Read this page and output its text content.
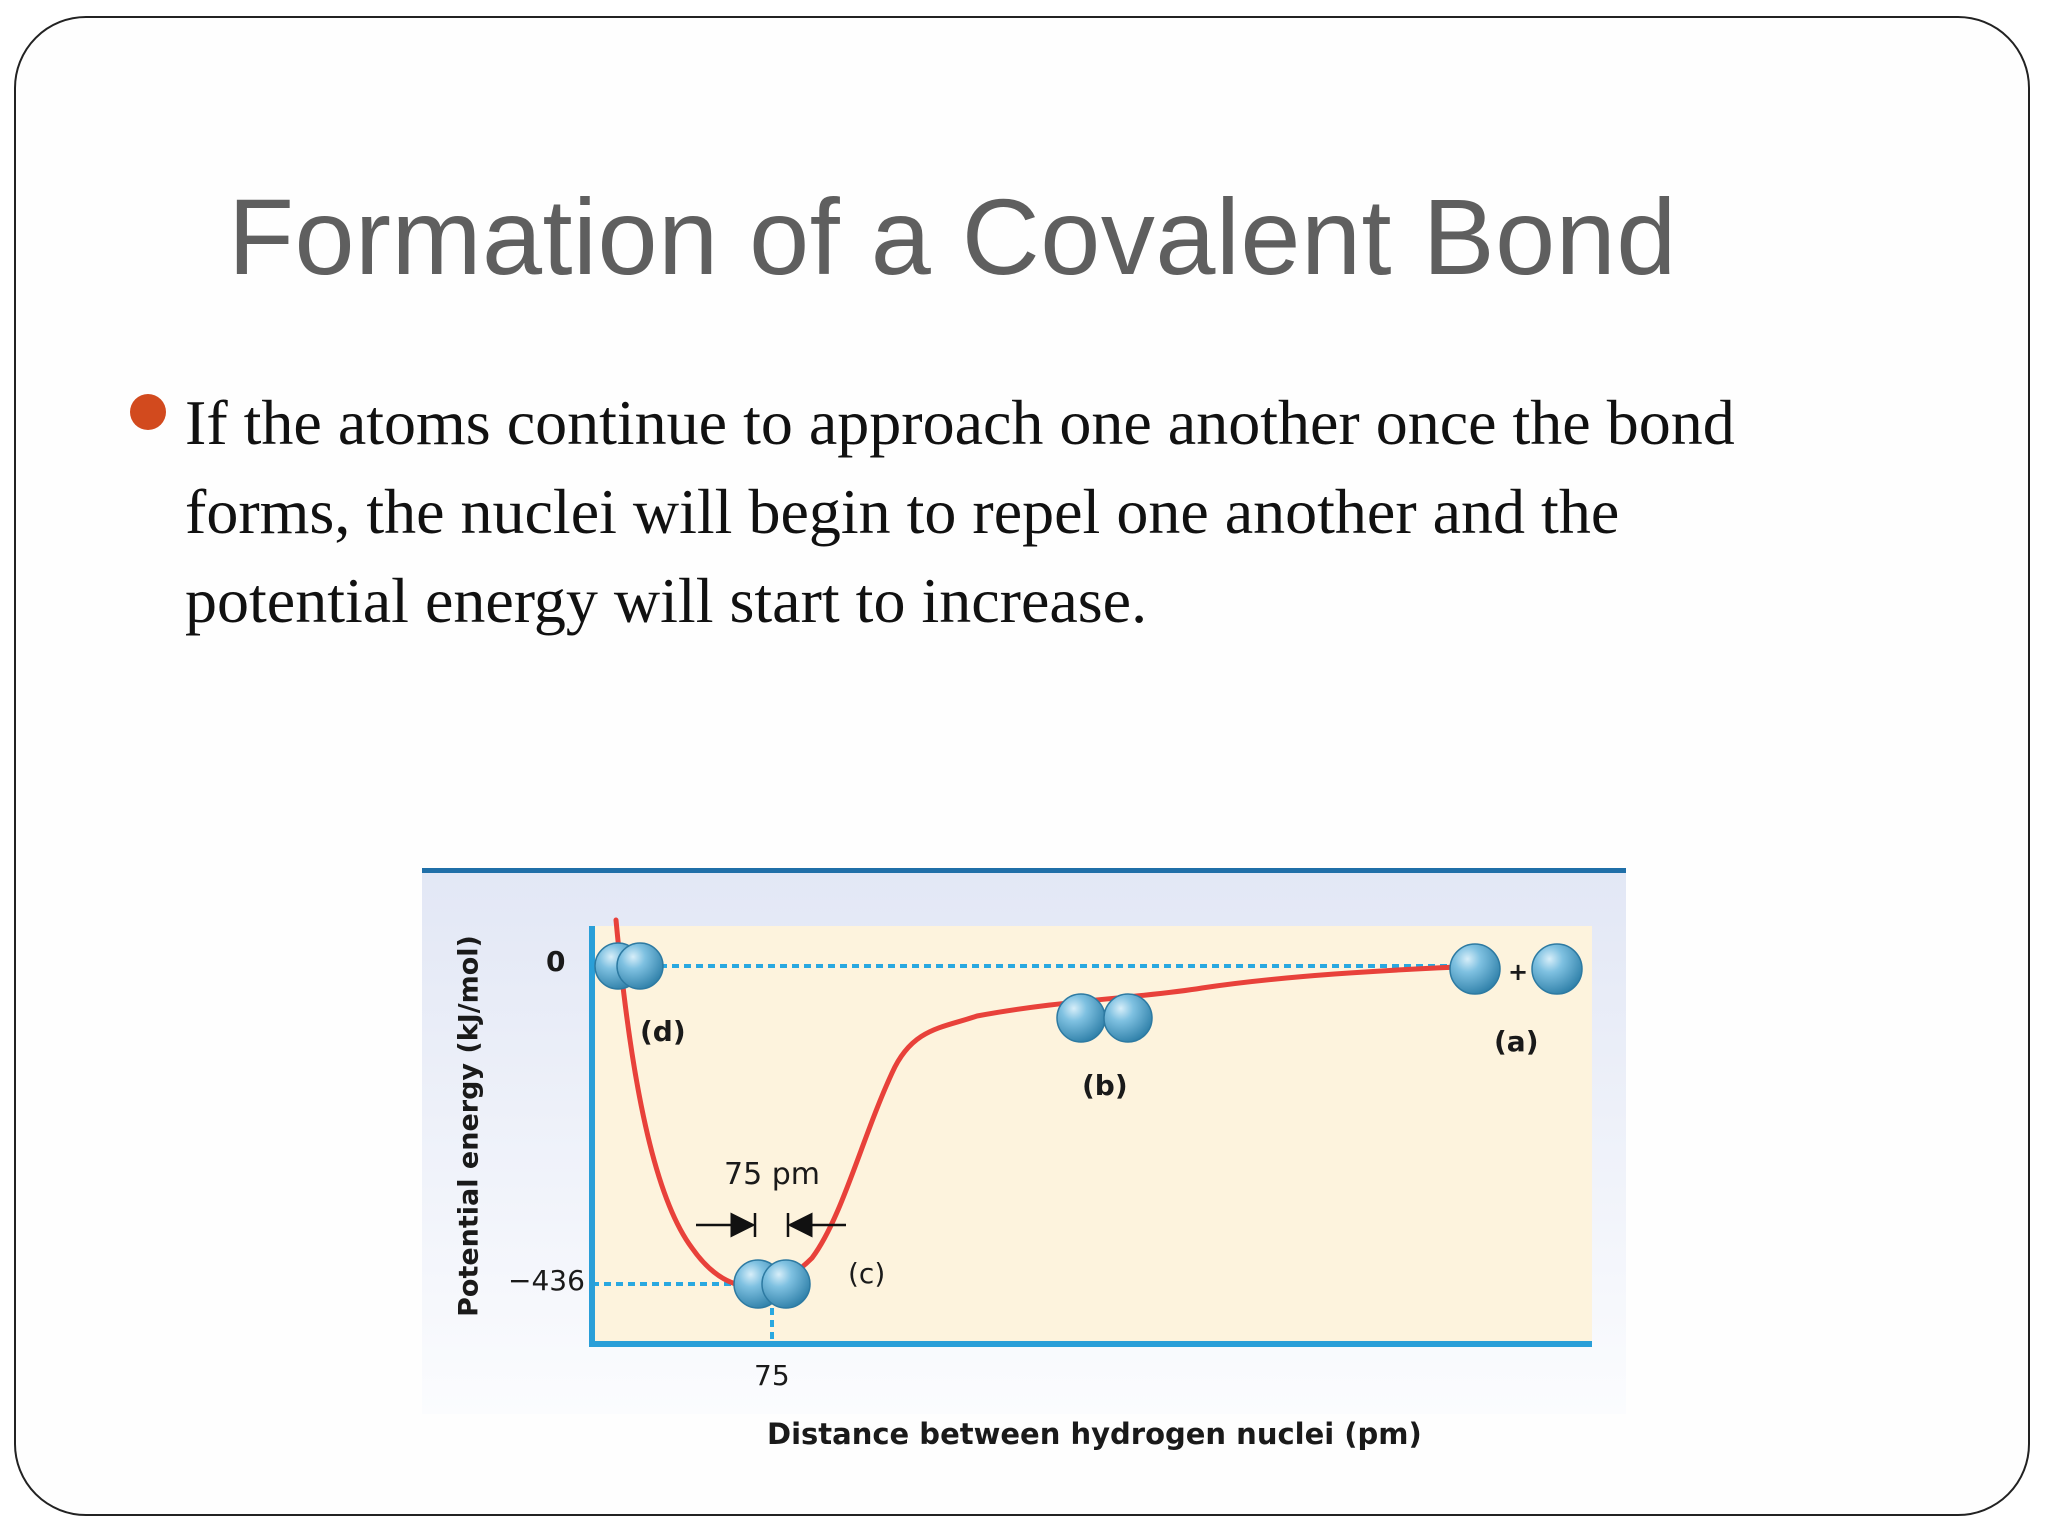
Formation of a Covalent Bond

If the atoms continue to approach one another once the bond
forms, the nuclei will begin to repel one another and the
potential energy will start to increase.

Potential energy (kJ/mol) 0
−436
75
Distance between hydrogen nuclei (pm)
75 pm
(d)
(c)
(b)
(a)
+
